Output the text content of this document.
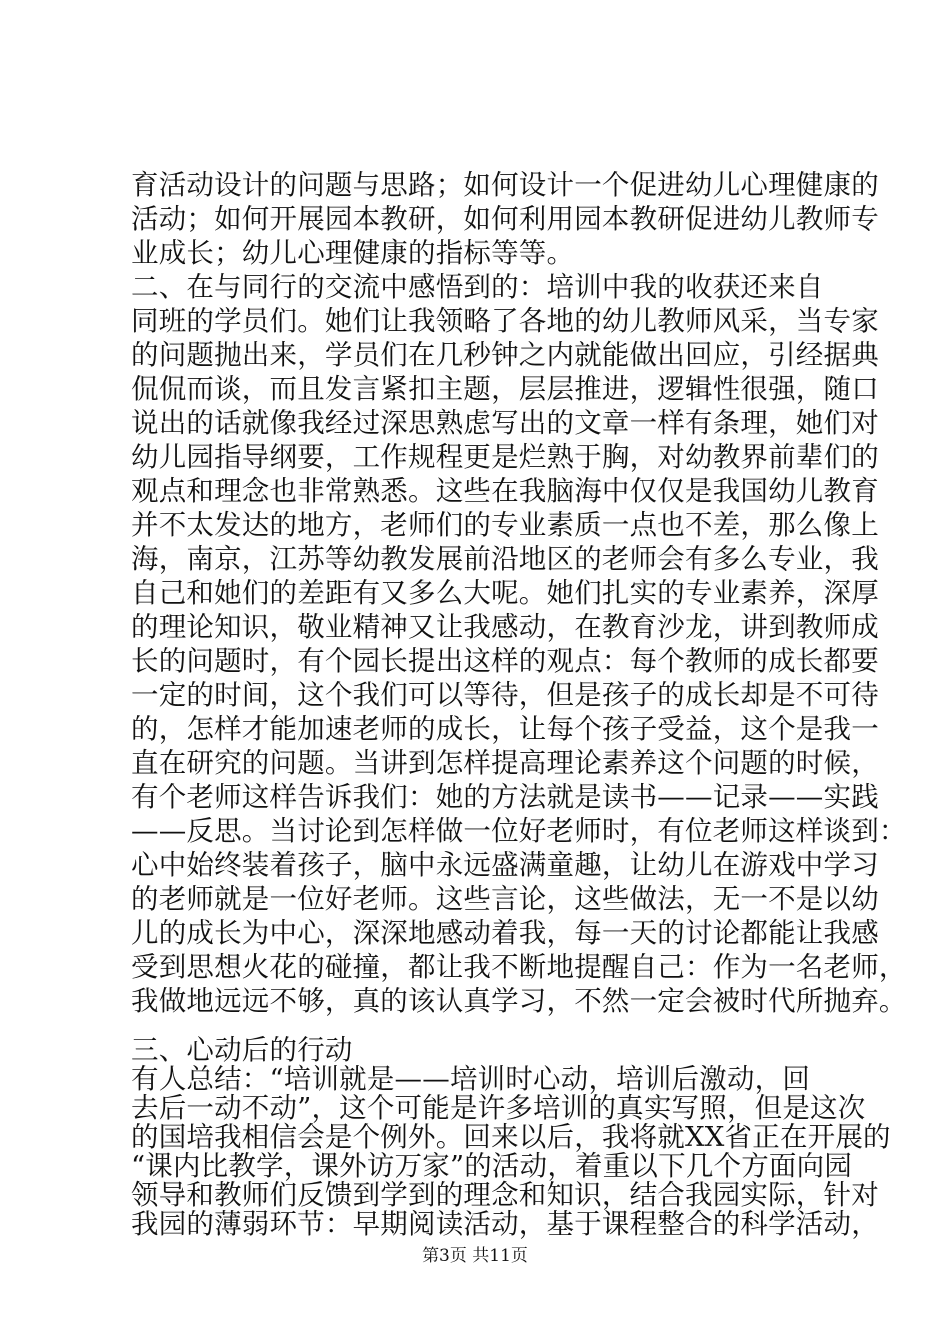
育活动设计的问题与思路；如何设计一个促进幼儿心理健康的
活动；如何开展园本教研，如何利用园本教研促进幼儿教师专
业成长；幼儿心理健康的指标等等。
二、在与同行的交流中感悟到的：培训中我的收获还来自
同班的学员们。她们让我领略了各地的幼儿教师风采，当专家
的问题抛出来，学员们在几秒钟之内就能做出回应，引经据典
侃侃而谈，而且发言紧扣主题，层层推进，逻辑性很强，随口
说出的话就像我经过深思熟虑写出的文章一样有条理，她们对
幼儿园指导纲要，工作规程更是烂熟于胸，对幼教界前辈们的
观点和理念也非常熟悉。这些在我脑海中仅仅是我国幼儿教育
并不太发达的地方，老师们的专业素质一点也不差，那么像上
海，南京，江苏等幼教发展前沿地区的老师会有多么专业，我
自己和她们的差距有又多么大呢。她们扎实的专业素养，深厚
的理论知识，敬业精神又让我感动，在教育沙龙，讲到教师成
长的问题时，有个园长提出这样的观点：每个教师的成长都要
一定的时间，这个我们可以等待，但是孩子的成长却是不可待
的，怎样才能加速老师的成长，让每个孩子受益，这个是我一
直在研究的问题。当讲到怎样提高理论素养这个问题的时候，
有个老师这样告诉我们：她的方法就是读书——记录——实践
——反思。当讨论到怎样做一位好老师时，有位老师这样谈到：
心中始终装着孩子，脑中永远盛满童趣，让幼儿在游戏中学习
的老师就是一位好老师。这些言论，这些做法，无一不是以幼
儿的成长为中心，深深地感动着我，每一天的讨论都能让我感
受到思想火花的碰撞，都让我不断地提醒自己：作为一名老师，
我做地远远不够，真的该认真学习，不然一定会被时代所抛弃。
三、心动后的行动
有人总结：“培训就是——培训时心动，培训后激动，回
去后一动不动”，这个可能是许多培训的真实写照，但是这次
的国培我相信会是个例外。回来以后，我将就XX省正在开展的
“课内比教学，课外访万家”的活动，着重以下几个方面向园
领导和教师们反馈到学到的理念和知识，结合我园实际，针对
我园的薄弱环节：早期阅读活动，基于课程整合的科学活动，
第3页 共11页
